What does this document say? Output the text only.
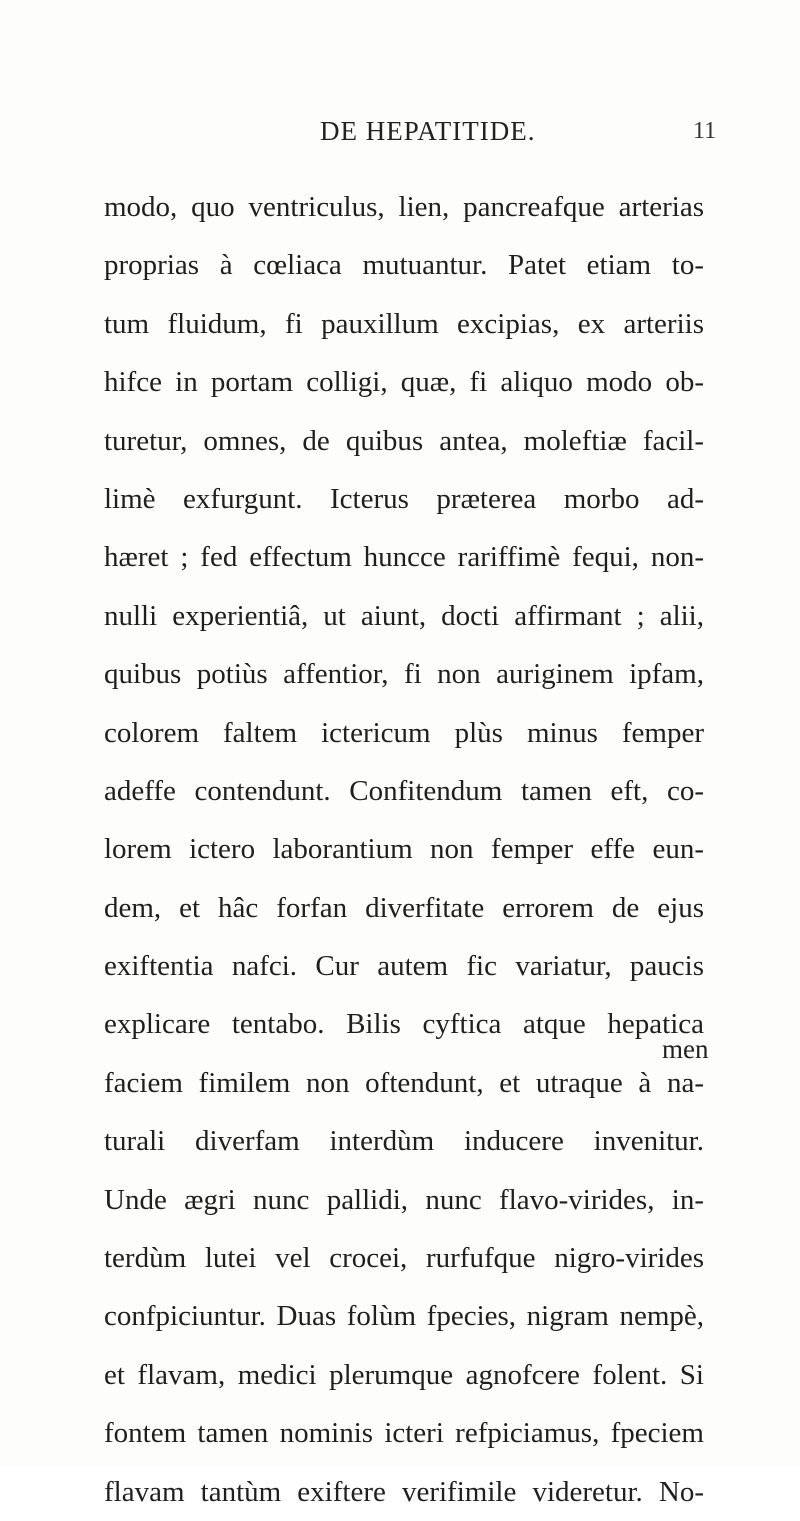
DE HEPATITIDE.	11
modo, quo ventriculus, lien, pancreafque arterias
proprias à cœliaca mutuantur. Patet etiam to-
tum fluidum, fi pauxillum excipias, ex arteriis
hifce in portam colligi, quæ, fi aliquo modo ob-
turetur, omnes, de quibus antea, moleftiæ facil-
limè exfurgunt. Icterus præterea morbo ad-
hæret ; fed effectum huncce rariffimè fequi, non-
nulli experientiâ, ut aiunt, docti affirmant ; alii,
quibus potiùs affentior, fi non auriginem ipfam,
colorem faltem ictericum plùs minus femper
adeffe contendunt. Confitendum tamen eft, co-
lorem ictero laborantium non femper effe eun-
dem, et hâc forfan diverfitate errorem de ejus
exiftentia nafci. Cur autem fic variatur, paucis
explicare tentabo. Bilis cyftica atque hepatica
faciem fimilem non oftendunt, et utraque à na-
turali diverfam interdùm inducere invenitur.
Unde ægri nunc pallidi, nunc flavo-virides, in-
terdùm lutei vel crocei, rurfufque nigro-virides
confpiciuntur. Duas folùm fpecies, nigram nempè,
et flavam, medici plerumque agnofcere folent. Si
fontem tamen nominis icteri refpiciamus, fpeciem
flavam tantùm exiftere verifimile videretur. No-
men
